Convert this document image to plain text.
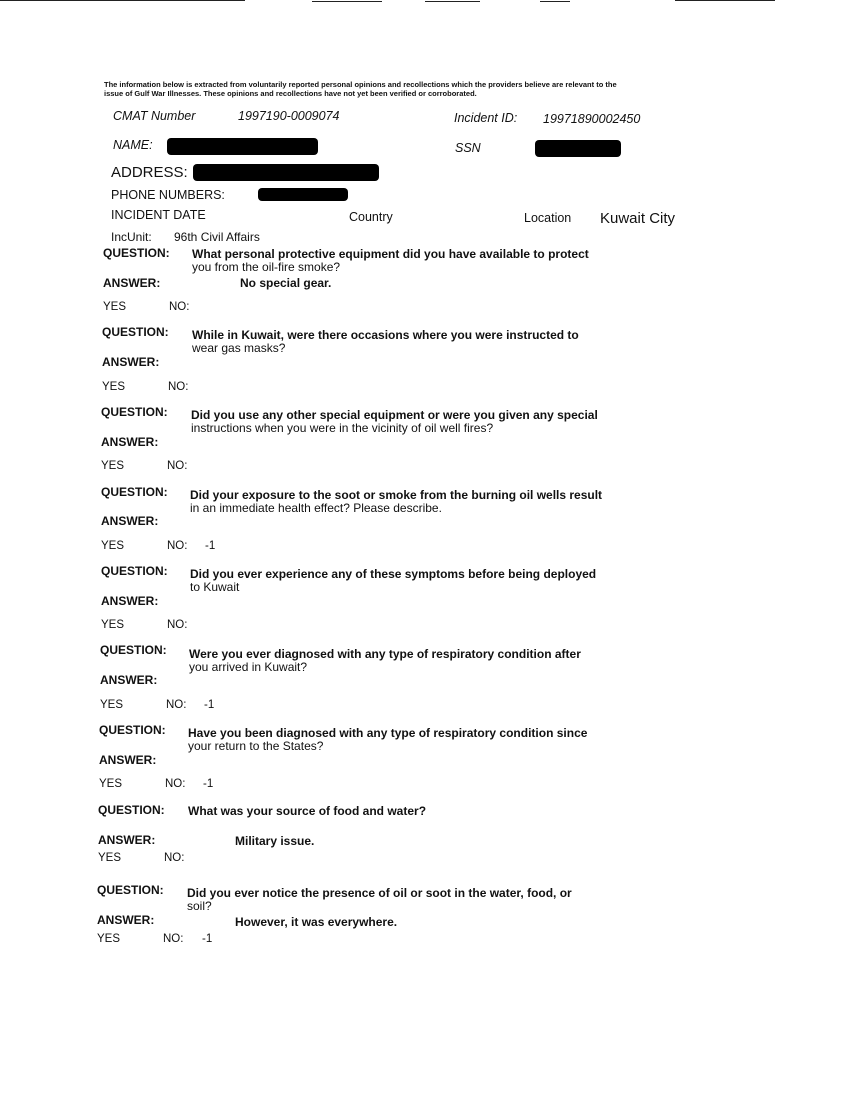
The information below is extracted from voluntarily reported personal opinions and recollections which the providers believe are relevant to the
issue of Gulf War Illnesses. These opinions and recollections have not yet been verified or corroborated.
CMAT Number	1997190-0009074	Incident ID: 19971890002450
NAME:	SSN
ADDRESS:
PHONE NUMBERS:
INCIDENT DATE	Country	Location Kuwait City
IncUnit: 96th Civil Affairs
QUESTION: What personal protective equipment did you have available to protect
you from the oil-fire smoke?
ANSWER:	No special gear.
YES	NO:
QUESTION: While in Kuwait, were there occasions where you were instructed to
wear gas masks?
ANSWER:
YES	NO:
QUESTION: Did you use any other special equipment or were you given any special
instructions when you were in the vicinity of oil well fires?
ANSWER:
YES	NO:
QUESTION: Did your exposure to the soot or smoke from the burning oil wells result
in an immediate health effect? Please describe.
ANSWER:
YES	NO: -1
QUESTION: Did you ever experience any of these symptoms before being deployed
to Kuwait
ANSWER:
YES	NO:
QUESTION: Were you ever diagnosed with any type of respiratory condition after
you arrived in Kuwait?
ANSWER:
YES	NO: -1
QUESTION: Have you been diagnosed with any type of respiratory condition since
your return to the States?
ANSWER:
YES	NO: -1
QUESTION: What was your source of food and water?
ANSWER:	Military issue.
YES	NO:
QUESTION: Did you ever notice the presence of oil or soot in the water, food, or
soil?
ANSWER:	However, it was everywhere.
YES	NO: -1
